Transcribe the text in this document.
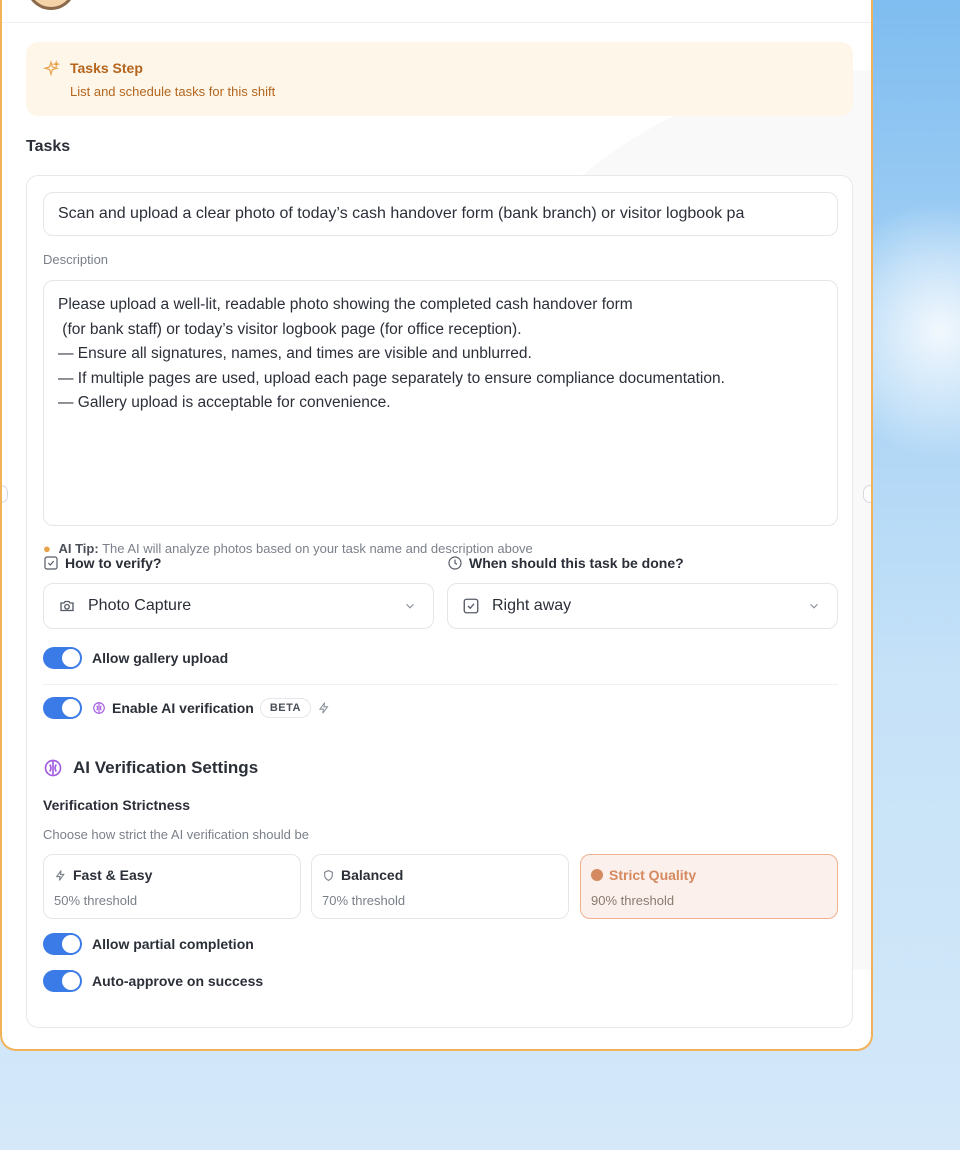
Tasks Step
List and schedule tasks for this shift
Tasks
Scan and upload a clear photo of today’s cash handover form (bank branch) or visitor logbook pa
Description
Please upload a well-lit, readable photo showing the completed cash handover form
(for bank staff) or today’s visitor logbook page (for office reception).
— Ensure all signatures, names, and times are visible and unblurred.
— If multiple pages are used, upload each page separately to ensure compliance documentation.
— Gallery upload is acceptable for convenience.
● AI Tip: The AI will analyze photos based on your task name and description above
How to verify?	When should this task be done?
Photo Capture	Right away
Allow gallery upload
Enable AI verification	BETA
AI Verification Settings
Verification Strictness
Choose how strict the AI verification should be
Fast & Easy
50% threshold
Balanced
70% threshold
Strict Quality
90% threshold
Allow partial completion
Auto-approve on success
